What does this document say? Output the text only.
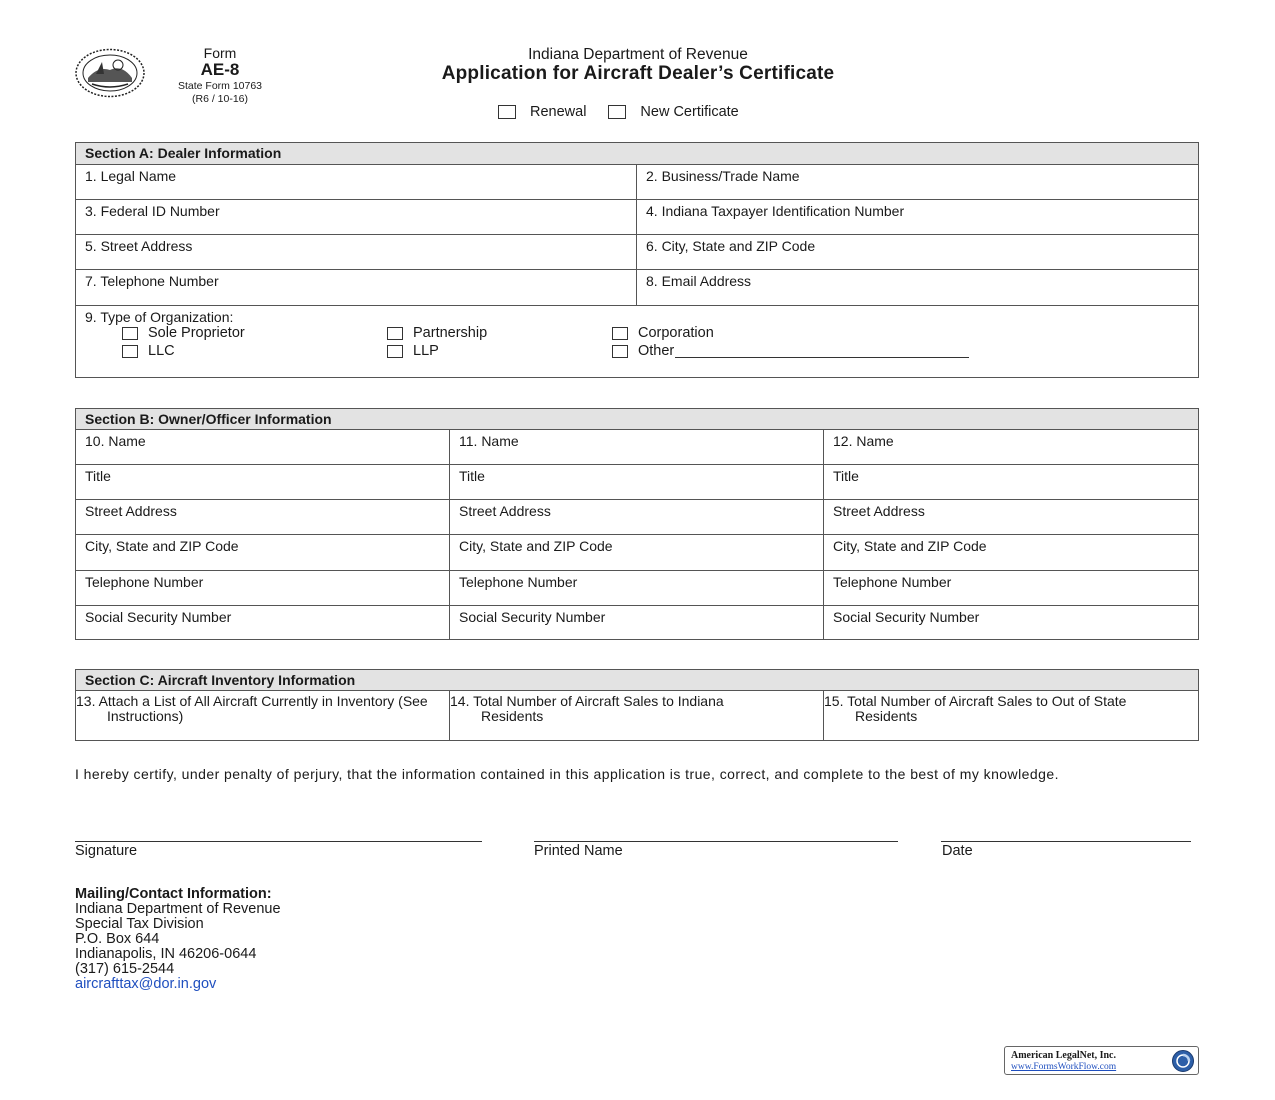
Form
AE-8
State Form 10763
(R6 / 10-16)
Indiana Department of Revenue
Application for Aircraft Dealer’s Certificate
Renewal	New Certificate
Section A: Dealer Information
1. Legal Name	2. Business/Trade Name
3. Federal ID Number	4. Indiana Taxpayer Identification Number
5. Street Address	6. City, State and ZIP Code
7. Telephone Number	8. Email Address
9. Type of Organization:
Sole Proprietor	Partnership	Corporation
LLC	LLP	Other
Section B: Owner/Officer Information
10. Name	11. Name	12. Name
Title	Title	Title
Street Address	Street Address	Street Address
City, State and ZIP Code	City, State and ZIP Code	City, State and ZIP Code
Telephone Number	Telephone Number	Telephone Number
Social Security Number	Social Security Number	Social Security Number
Section C: Aircraft Inventory Information
13. Attach a List of All Aircraft Currently in Inventory (See Instructions)
14. Total Number of Aircraft Sales to Indiana Residents
15. Total Number of Aircraft Sales to Out of State Residents
I hereby certify, under penalty of perjury, that the information contained in this application is true, correct, and complete to the best of my knowledge.
Signature	Printed Name	Date
Mailing/Contact Information:
Indiana Department of Revenue
Special Tax Division
P.O. Box 644
Indianapolis, IN 46206-0644
(317) 615-2544
aircrafttax@dor.in.gov
American LegalNet, Inc.
www.FormsWorkFlow.com
